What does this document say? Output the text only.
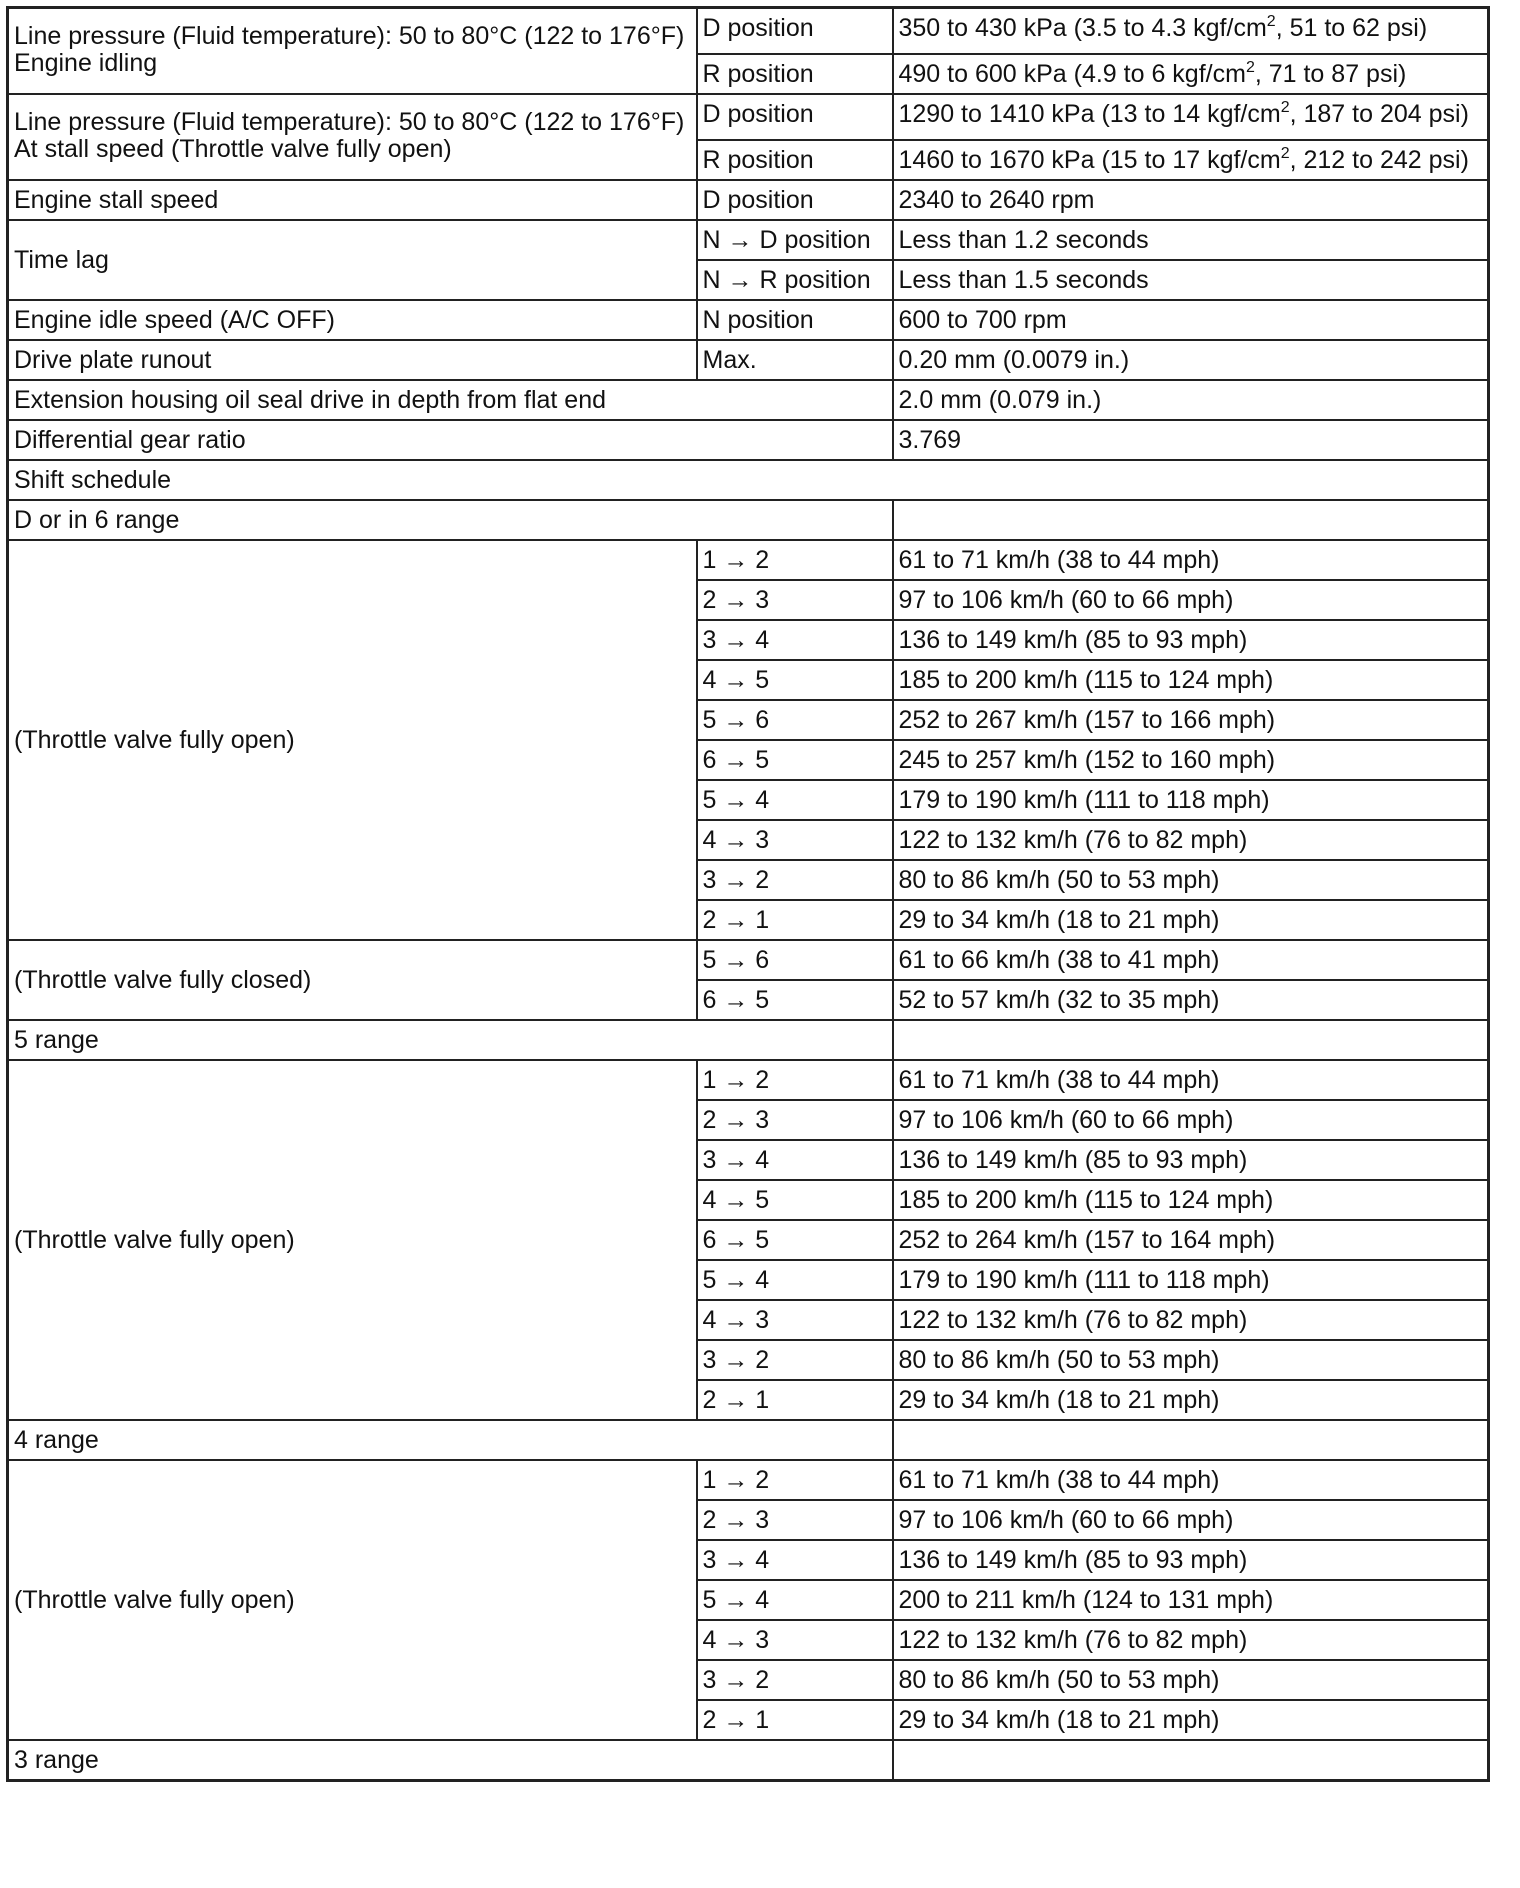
Line pressure (Fluid temperature): 50 to 80°C (122 to 176°F)
Engine idling	D position	350 to 430 kPa (3.5 to 4.3 kgf/$cm^2$, 51 to 62 psi)
	R position	490 to 600 kPa (4.9 to 6 kgf/$cm^2$, 71 to 87 psi)

Line pressure (Fluid temperature): 50 to 80°C (122 to 176°F)
At stall speed (Throttle valve fully open)	D position	1290 to 1410 kPa (13 to 14 kgf/$cm^2$, 187 to 204 psi)
	R position	1460 to 1670 kPa (15 to 17 kgf/$cm^2$, 212 to 242 psi)
Engine stall speed	D position	2340 to 2640 rpm
Time lag	N → D position	Less than 1.2 seconds
	N → R position	Less than 1.5 seconds
Engine idle speed (A/C OFF)	N position	600 to 700 rpm
Drive plate runout	Max.	0.20 mm (0.0079 in.)
Extension housing oil seal drive in depth from flat end		2.0 mm (0.079 in.)
Differential gear ratio		3.769
Shift schedule		
D or in 6 range		
(Throttle valve fully open)	1 → 2	61 to 71 km/h (38 to 44 mph)
	2 → 3	97 to 106 km/h (60 to 66 mph)
	3 → 4	136 to 149 km/h (85 to 93 mph)
	4 → 5	185 to 200 km/h (115 to 124 mph)
	5 → 6	252 to 267 km/h (157 to 166 mph)
	6 → 5	245 to 257 km/h (152 to 160 mph)
	5 → 4	179 to 190 km/h (111 to 118 mph)
	4 → 3	122 to 132 km/h (76 to 82 mph)
	3 → 2	80 to 86 km/h (50 to 53 mph)
	2 → 1	29 to 34 km/h (18 to 21 mph)
(Throttle valve fully closed)	5 → 6	61 to 66 km/h (38 to 41 mph)
	6 → 5	52 to 57 km/h (32 to 35 mph)
5 range		
(Throttle valve fully open)	1 → 2	61 to 71 km/h (38 to 44 mph)
	2 → 3	97 to 106 km/h (60 to 66 mph)
	3 → 4	136 to 149 km/h (85 to 93 mph)
	4 → 5	185 to 200 km/h (115 to 124 mph)
	6 → 5	252 to 264 km/h (157 to 164 mph)
	5 → 4	179 to 190 km/h (111 to 118 mph)
	4 → 3	122 to 132 km/h (76 to 82 mph)
	3 → 2	80 to 86 km/h (50 to 53 mph)
	2 → 1	29 to 34 km/h (18 to 21 mph)
4 range		
(Throttle valve fully open)	1 → 2	61 to 71 km/h (38 to 44 mph)
	2 → 3	97 to 106 km/h (60 to 66 mph)
	3 → 4	136 to 149 km/h (85 to 93 mph)
	5 → 4	200 to 211 km/h (124 to 131 mph)
	4 → 3	122 to 132 km/h (76 to 82 mph)
	3 → 2	80 to 86 km/h (50 to 53 mph)
	2 → 1	29 to 34 km/h (18 to 21 mph)
3 range		
